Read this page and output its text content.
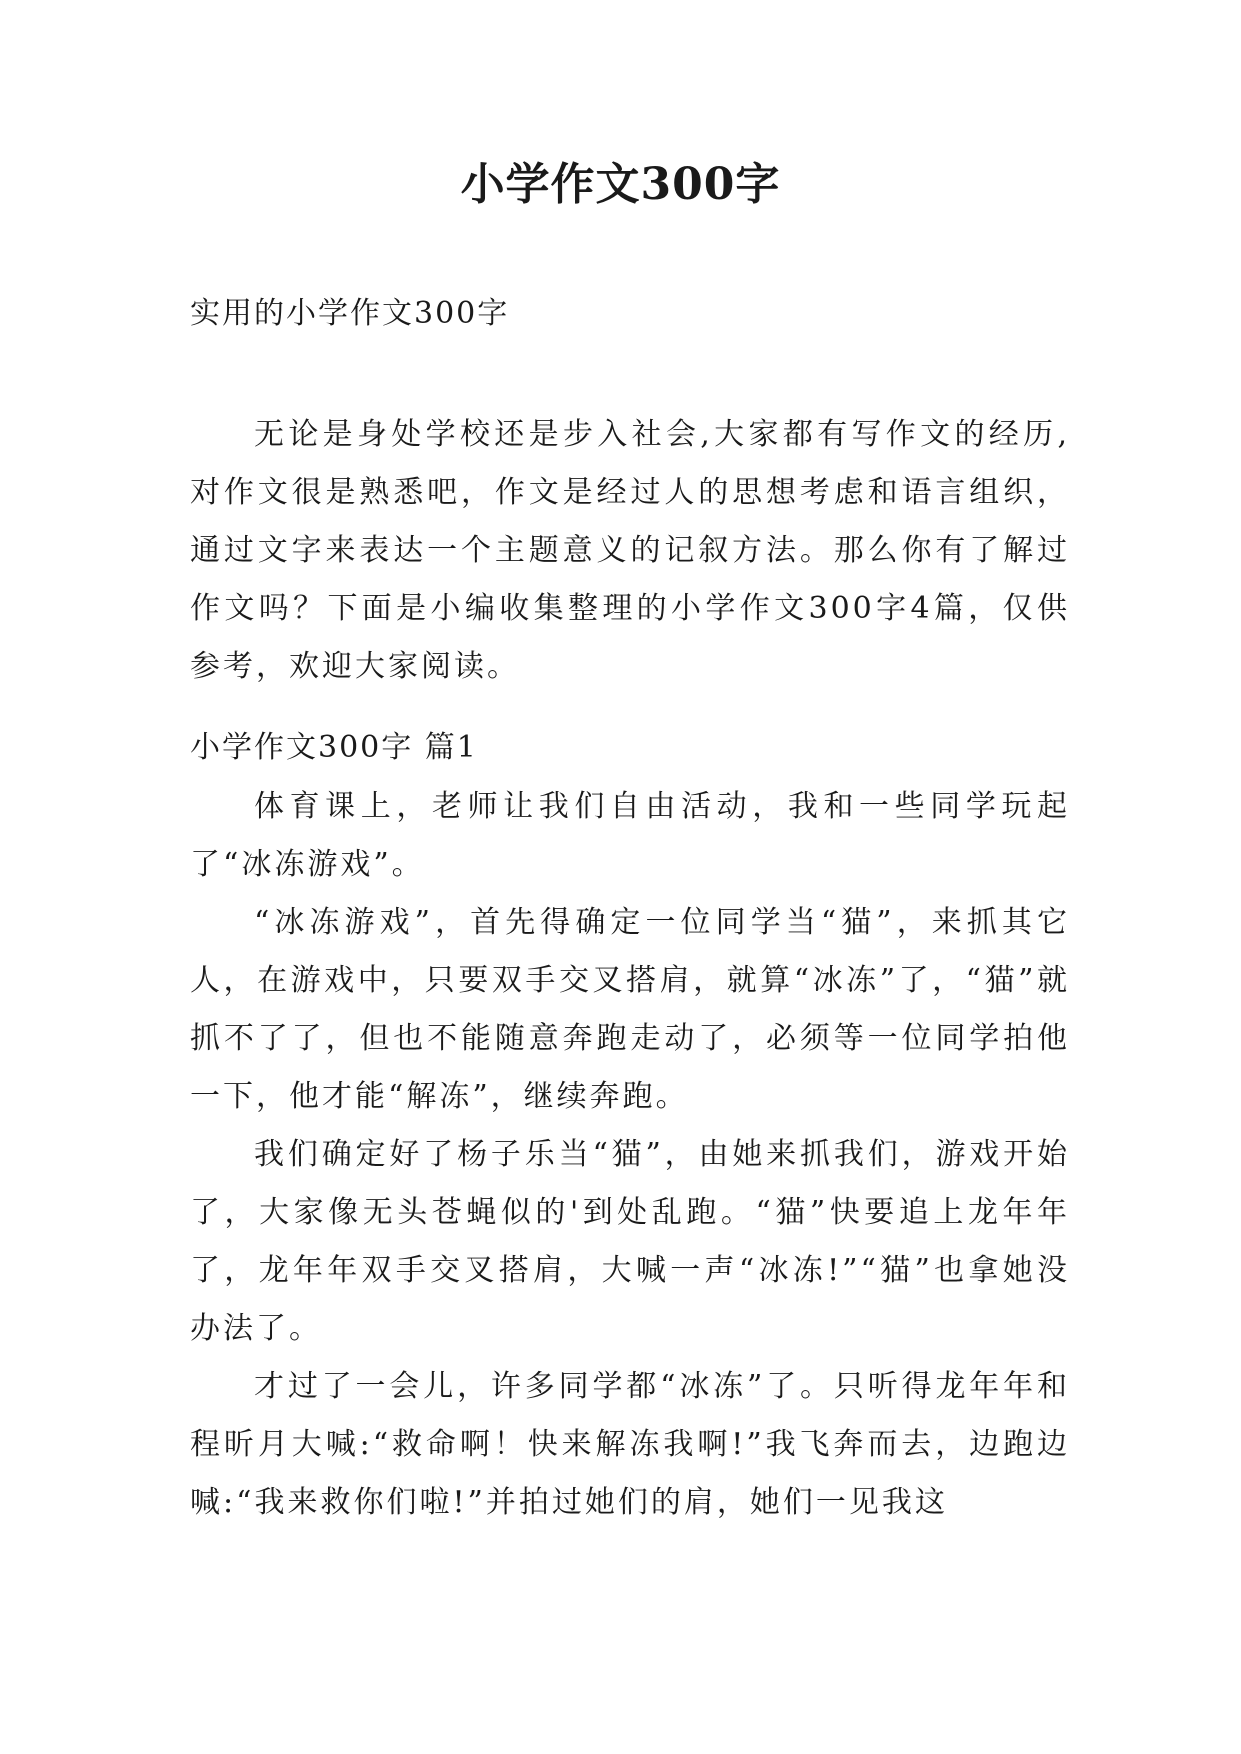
小学作文300字

实用的小学作文300字

无论是身处学校还是步入社会,大家都有写作文的经历,对作文很是熟悉吧，作文是经过人的思想考虑和语言组织，通过文字来表达一个主题意义的记叙方法。那么你有了解过作文吗？下面是小编收集整理的小学作文300字4篇，仅供参考，欢迎大家阅读。

小学作文300字 篇1

体育课上，老师让我们自由活动，我和一些同学玩起了“冰冻游戏”。

“冰冻游戏”，首先得确定一位同学当“猫”，来抓其它人，在游戏中，只要双手交叉搭肩，就算“冰冻”了，“猫”就抓不了了，但也不能随意奔跑走动了，必须等一位同学拍他一下，他才能“解冻”，继续奔跑。

我们确定好了杨子乐当“猫”，由她来抓我们，游戏开始了，大家像无头苍蝇似的'到处乱跑。“猫”快要追上龙年年了，龙年年双手交叉搭肩，大喊一声“冰冻!”“猫”也拿她没办法了。

才过了一会儿，许多同学都“冰冻”了。只听得龙年年和程昕月大喊:“救命啊！快来解冻我啊!”我飞奔而去，边跑边喊:“我来救你们啦!”并拍过她们的肩，她们一见我这
